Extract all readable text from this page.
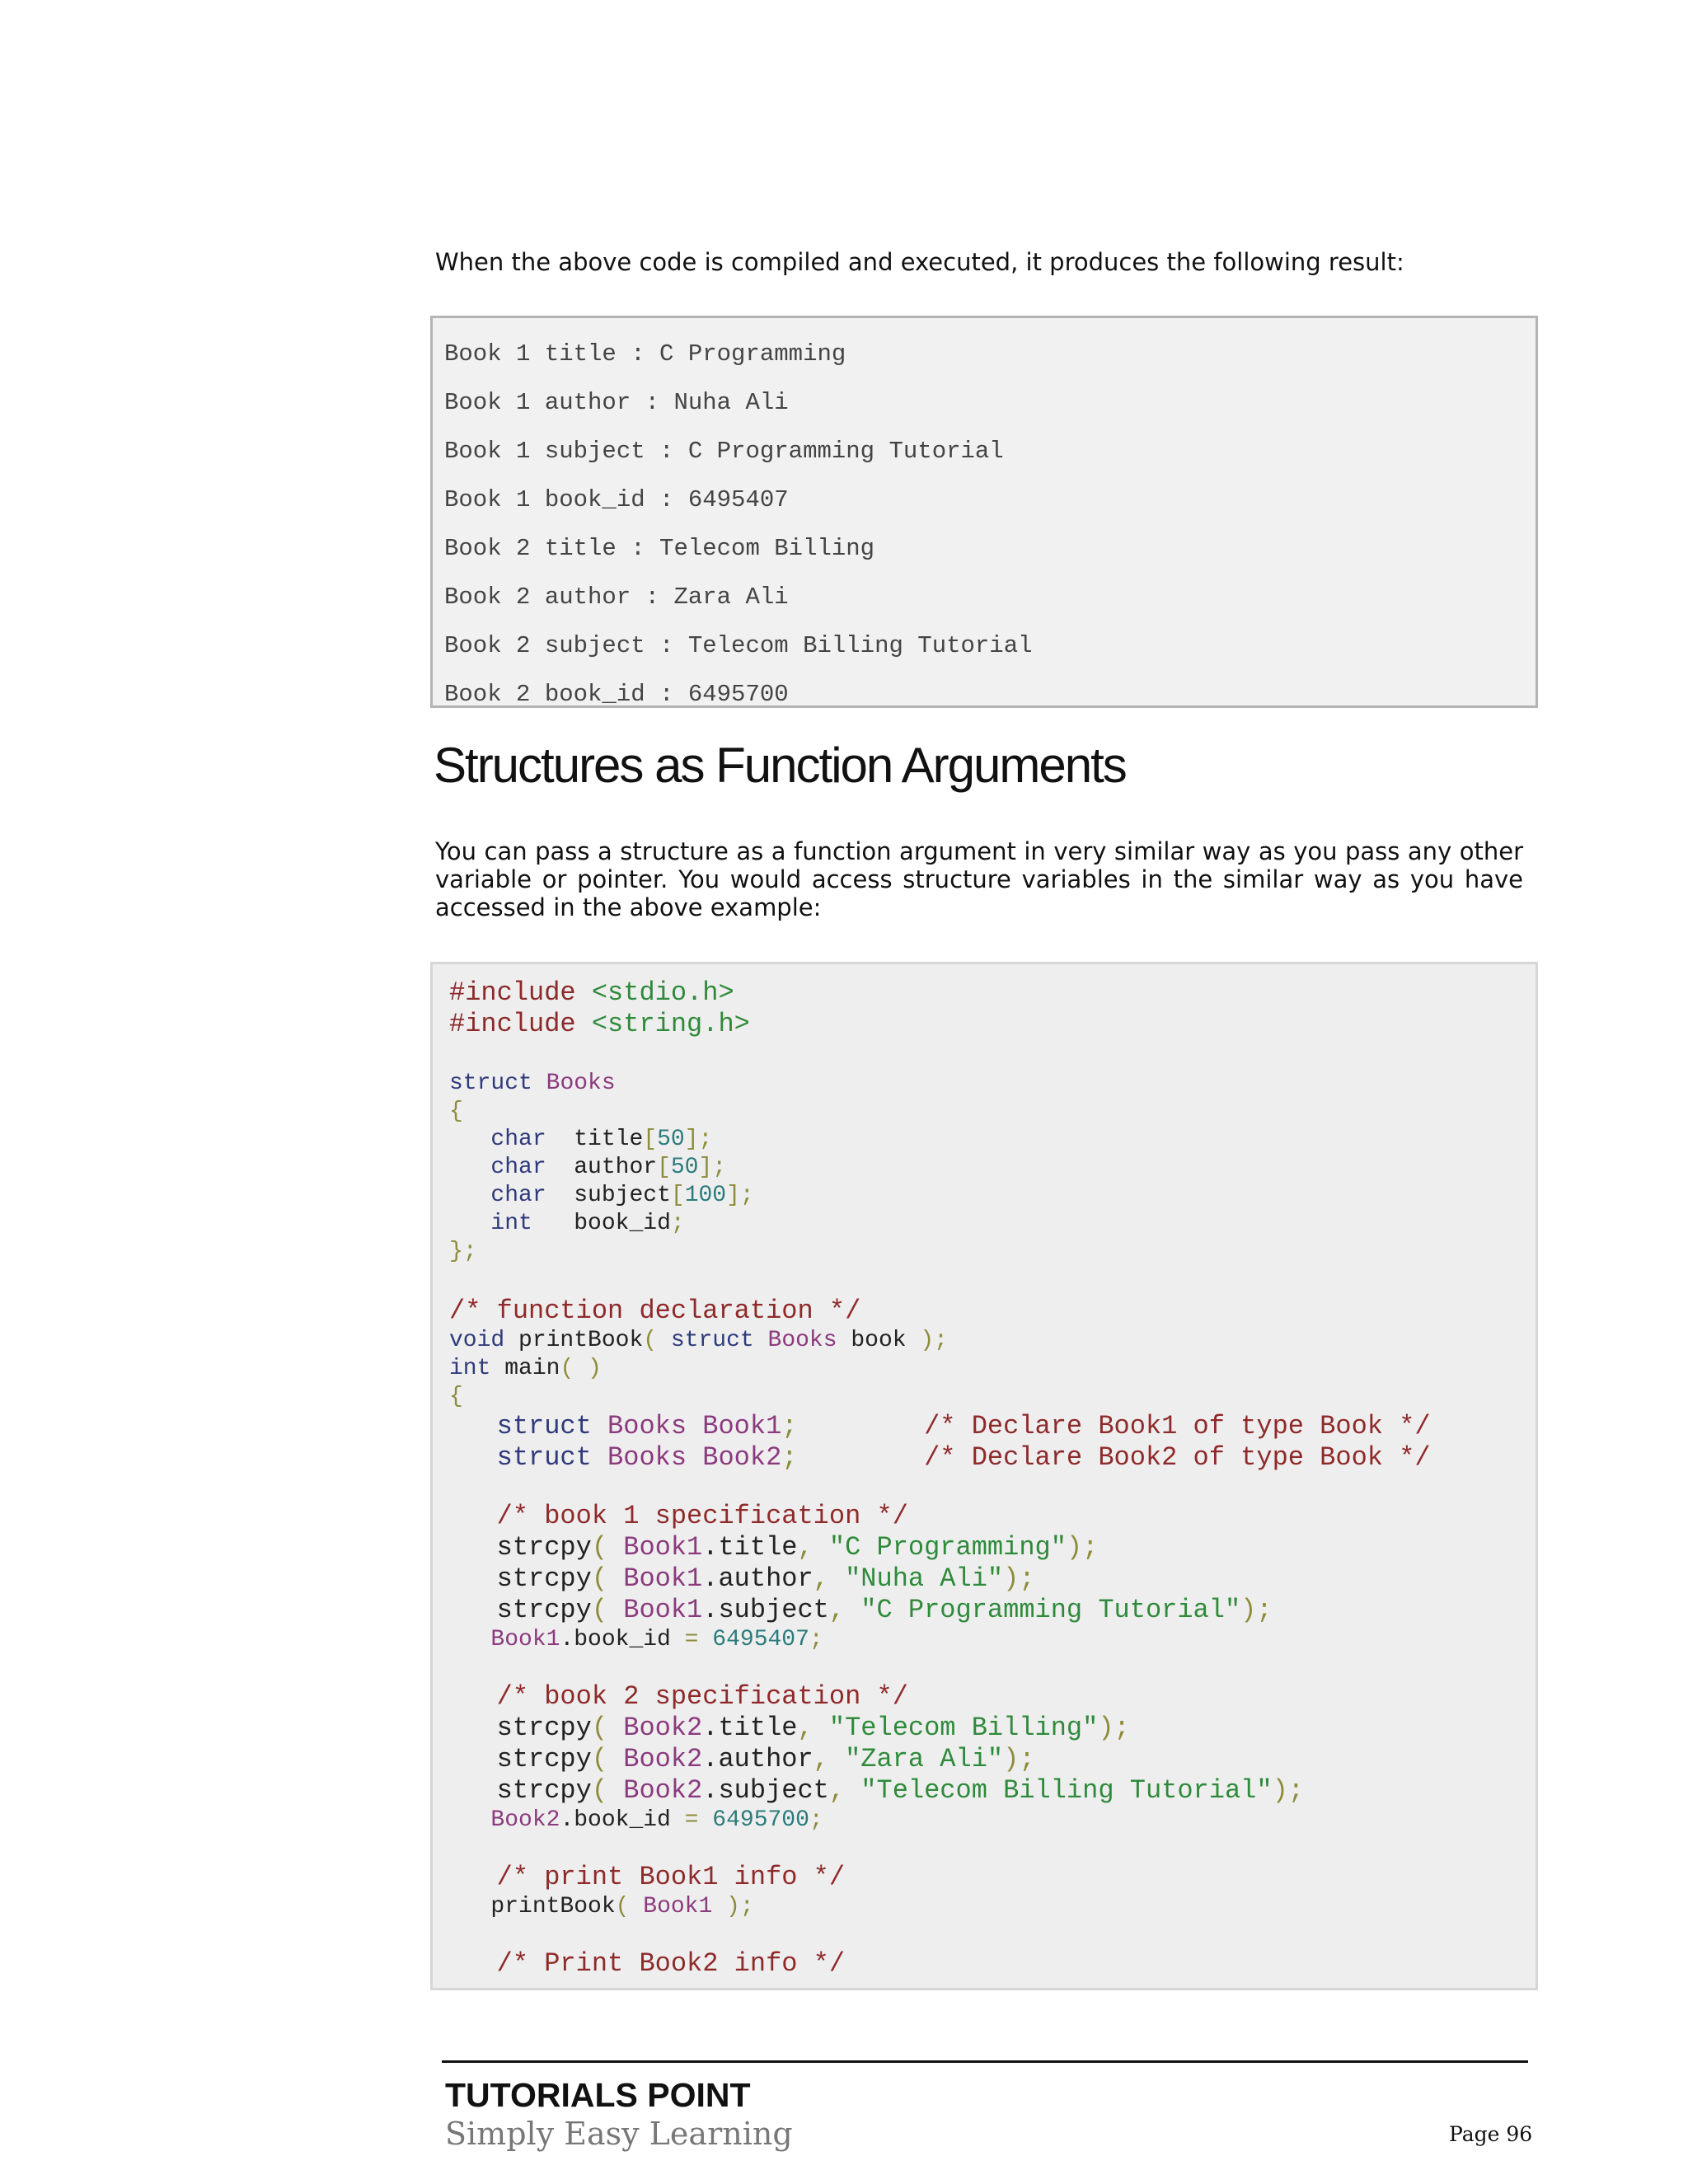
When the above code is compiled and executed, it produces the following result:

Book 1 title : C Programming
Book 1 author : Nuha Ali
Book 1 subject : C Programming Tutorial
Book 1 book_id : 6495407
Book 2 title : Telecom Billing
Book 2 author : Zara Ali
Book 2 subject : Telecom Billing Tutorial
Book 2 book_id : 6495700
Structures as Function Arguments

You can pass a structure as a function argument in very similar way as you pass any other variable or pointer. You would access structure variables in the similar way as you have accessed in the above example:

#include <stdio.h>
#include <string.h>
struct Books
{
char  title[50];
char  author[50];
char  subject[100];
int   book_id;
};
/* function declaration */
void printBook( struct Books book );
int main( )
{
struct Books Book1;	/* Declare Book1 of type Book */
struct Books Book2;	/* Declare Book2 of type Book */
/* book 1 specification */
strcpy( Book1.title, "C Programming");
strcpy( Book1.author, "Nuha Ali");
strcpy( Book1.subject, "C Programming Tutorial");
Book1.book_id = 6495407;
/* book 2 specification */
strcpy( Book2.title, "Telecom Billing");
strcpy( Book2.author, "Zara Ali");
strcpy( Book2.subject, "Telecom Billing Tutorial");
Book2.book_id = 6495700;
/* print Book1 info */
printBook( Book1 );
/* Print Book2 info */

TUTORIALS POINT

Simply Easy Learning	Page 96
